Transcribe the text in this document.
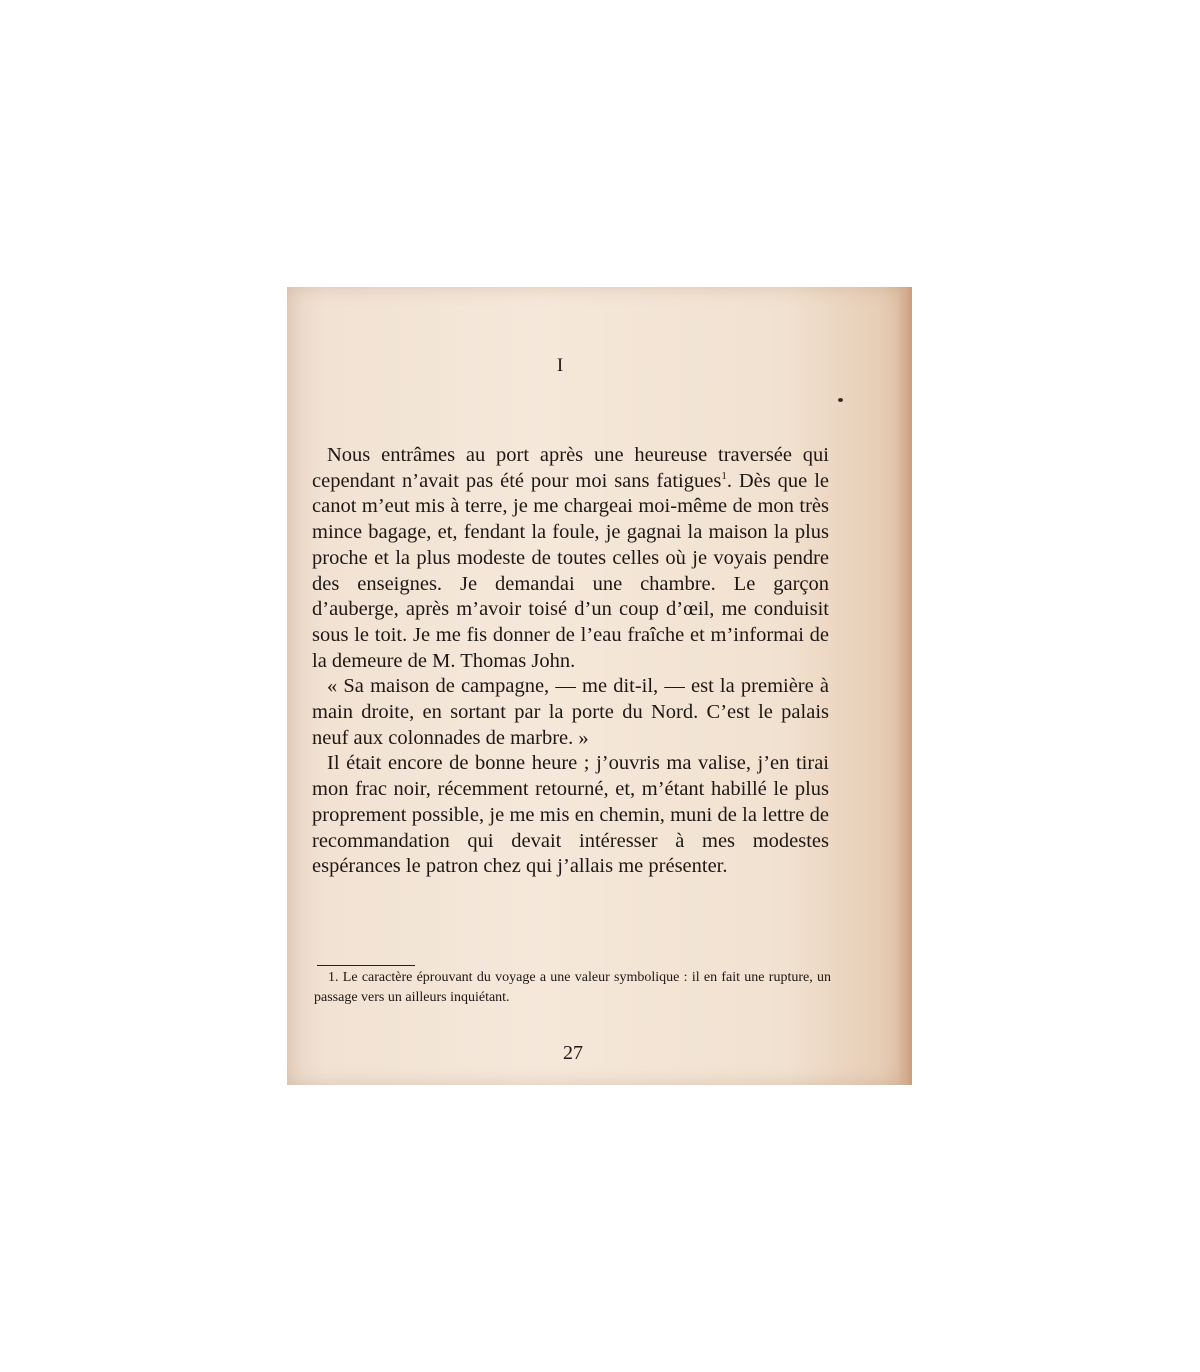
I

Nous entrâmes au port après une heureuse traversée qui cependant n’avait pas été pour moi sans fatigues$^1$. Dès que le canot m’eut mis à terre, je me chargeai moi-même de mon très mince bagage, et, fendant la foule, je gagnai la maison la plus proche et la plus modeste de toutes celles où je voyais pendre des enseignes. Je demandai une chambre. Le garçon d’auberge, après m’avoir toisé d’un coup d’œil, me conduisit sous le toit. Je me fis donner de l’eau fraîche et m’informai de la demeure de M. Thomas John.

« Sa maison de campagne, — me dit-il, — est la première à main droite, en sortant par la porte du Nord. C’est le palais neuf aux colonnades de marbre. »

Il était encore de bonne heure ; j’ouvris ma valise, j’en tirai mon frac noir, récemment retourné, et, m’étant habillé le plus proprement possible, je me mis en chemin, muni de la lettre de recommandation qui devait intéresser à mes modestes espérances le patron chez qui j’allais me présenter.

1. Le caractère éprouvant du voyage a une valeur symbolique : il en fait une rupture, un passage vers un ailleurs inquiétant.

27
